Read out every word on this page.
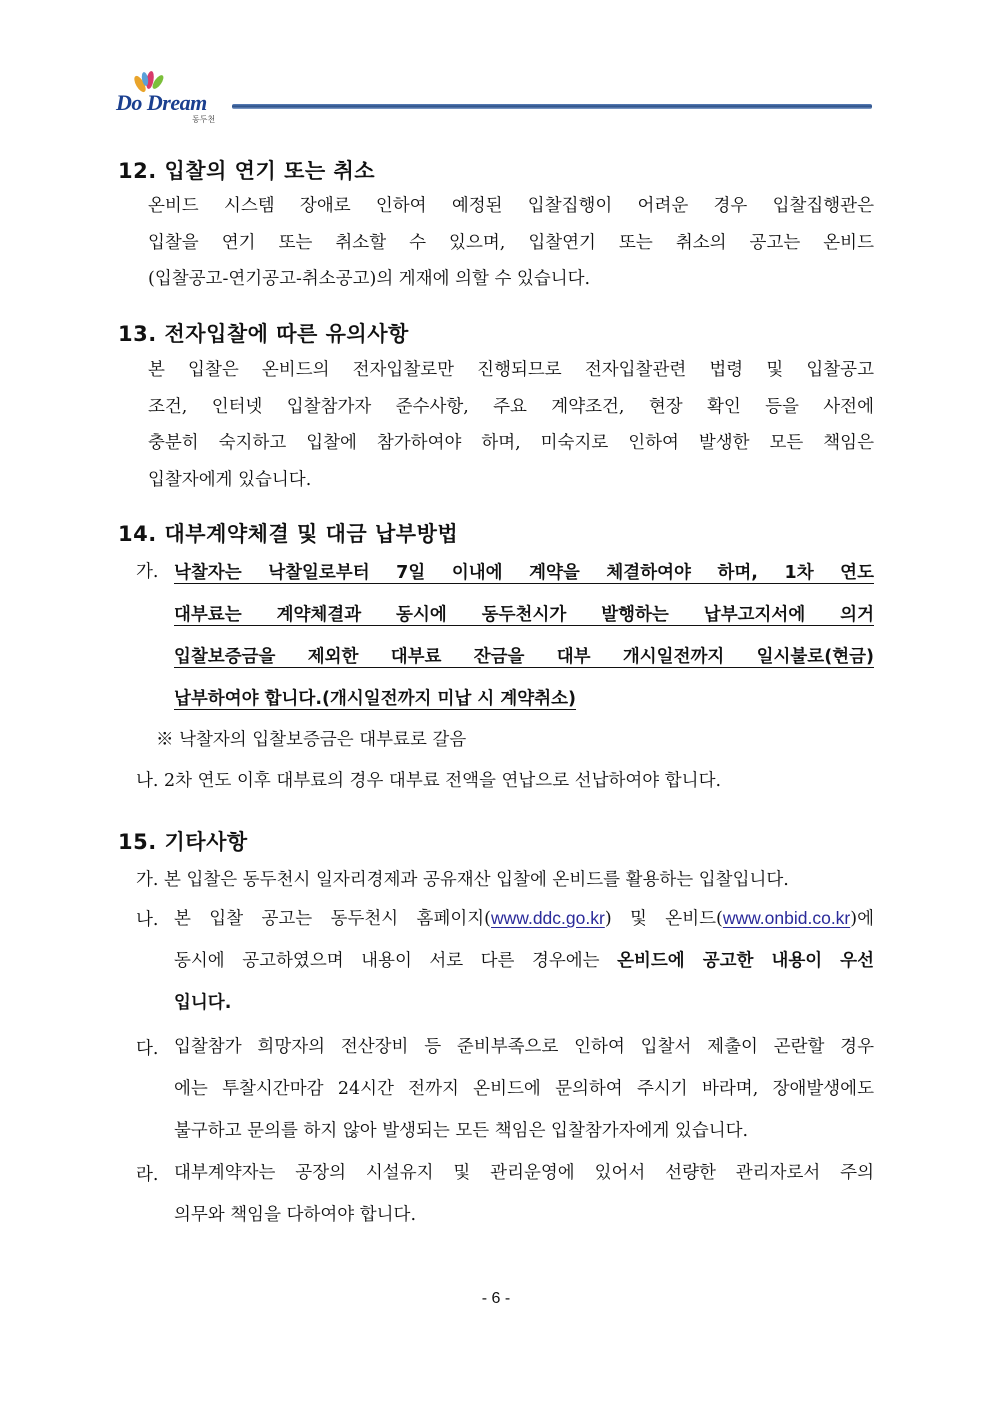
Do Dream
동두천
12. 입찰의 연기 또는 취소

온비드 시스템 장애로 인하여 예정된 입찰집행이 어려운 경우 입찰집행관은
입찰을 연기 또는 취소할 수 있으며, 입찰연기 또는 취소의 공고는 온비드
(입찰공고-연기공고-취소공고)의 게재에 의할 수 있습니다.

13. 전자입찰에 따른 유의사항

본 입찰은 온비드의 전자입찰로만 진행되므로 전자입찰관련 법령 및 입찰공고
조건, 인터넷 입찰참가자 준수사항, 주요 계약조건, 현장 확인 등을 사전에
충분히 숙지하고 입찰에 참가하여야 하며, 미숙지로 인하여 발생한 모든 책임은
입찰자에게 있습니다.

14. 대부계약체결 및 대금 납부방법
가. 낙찰자는 낙찰일로부터 7일 이내에 계약을 체결하여야 하며, 1차 연도
대부료는 계약체결과 동시에 동두천시가 발행하는 납부고지서에 의거
입찰보증금을 제외한 대부료 잔금을 대부 개시일전까지 일시불로(현금)
납부하여야 합니다.(개시일전까지 미납 시 계약취소)
※ 낙찰자의 입찰보증금은 대부료로 갈음
나. 2차 연도 이후 대부료의 경우 대부료 전액을 연납으로 선납하여야 합니다.
15. 기타사항
가. 본 입찰은 동두천시 일자리경제과 공유재산 입찰에 온비드를 활용하는 입찰입니다.
나. 본 입찰 공고는 동두천시 홈페이지(www.ddc.go.kr) 및 온비드(www.onbid.co.kr)에
동시에 공고하였으며 내용이 서로 다른 경우에는 온비드에 공고한 내용이 우선
입니다.
다. 입찰참가 희망자의 전산장비 등 준비부족으로 인하여 입찰서 제출이 곤란할 경우
에는 투찰시간마감 24시간 전까지 온비드에 문의하여 주시기 바라며, 장애발생에도
불구하고 문의를 하지 않아 발생되는 모든 책임은 입찰참가자에게 있습니다.
라. 대부계약자는 공장의 시설유지 및 관리운영에 있어서 선량한 관리자로서 주의
의무와 책임을 다하여야 합니다.
- 6 -
